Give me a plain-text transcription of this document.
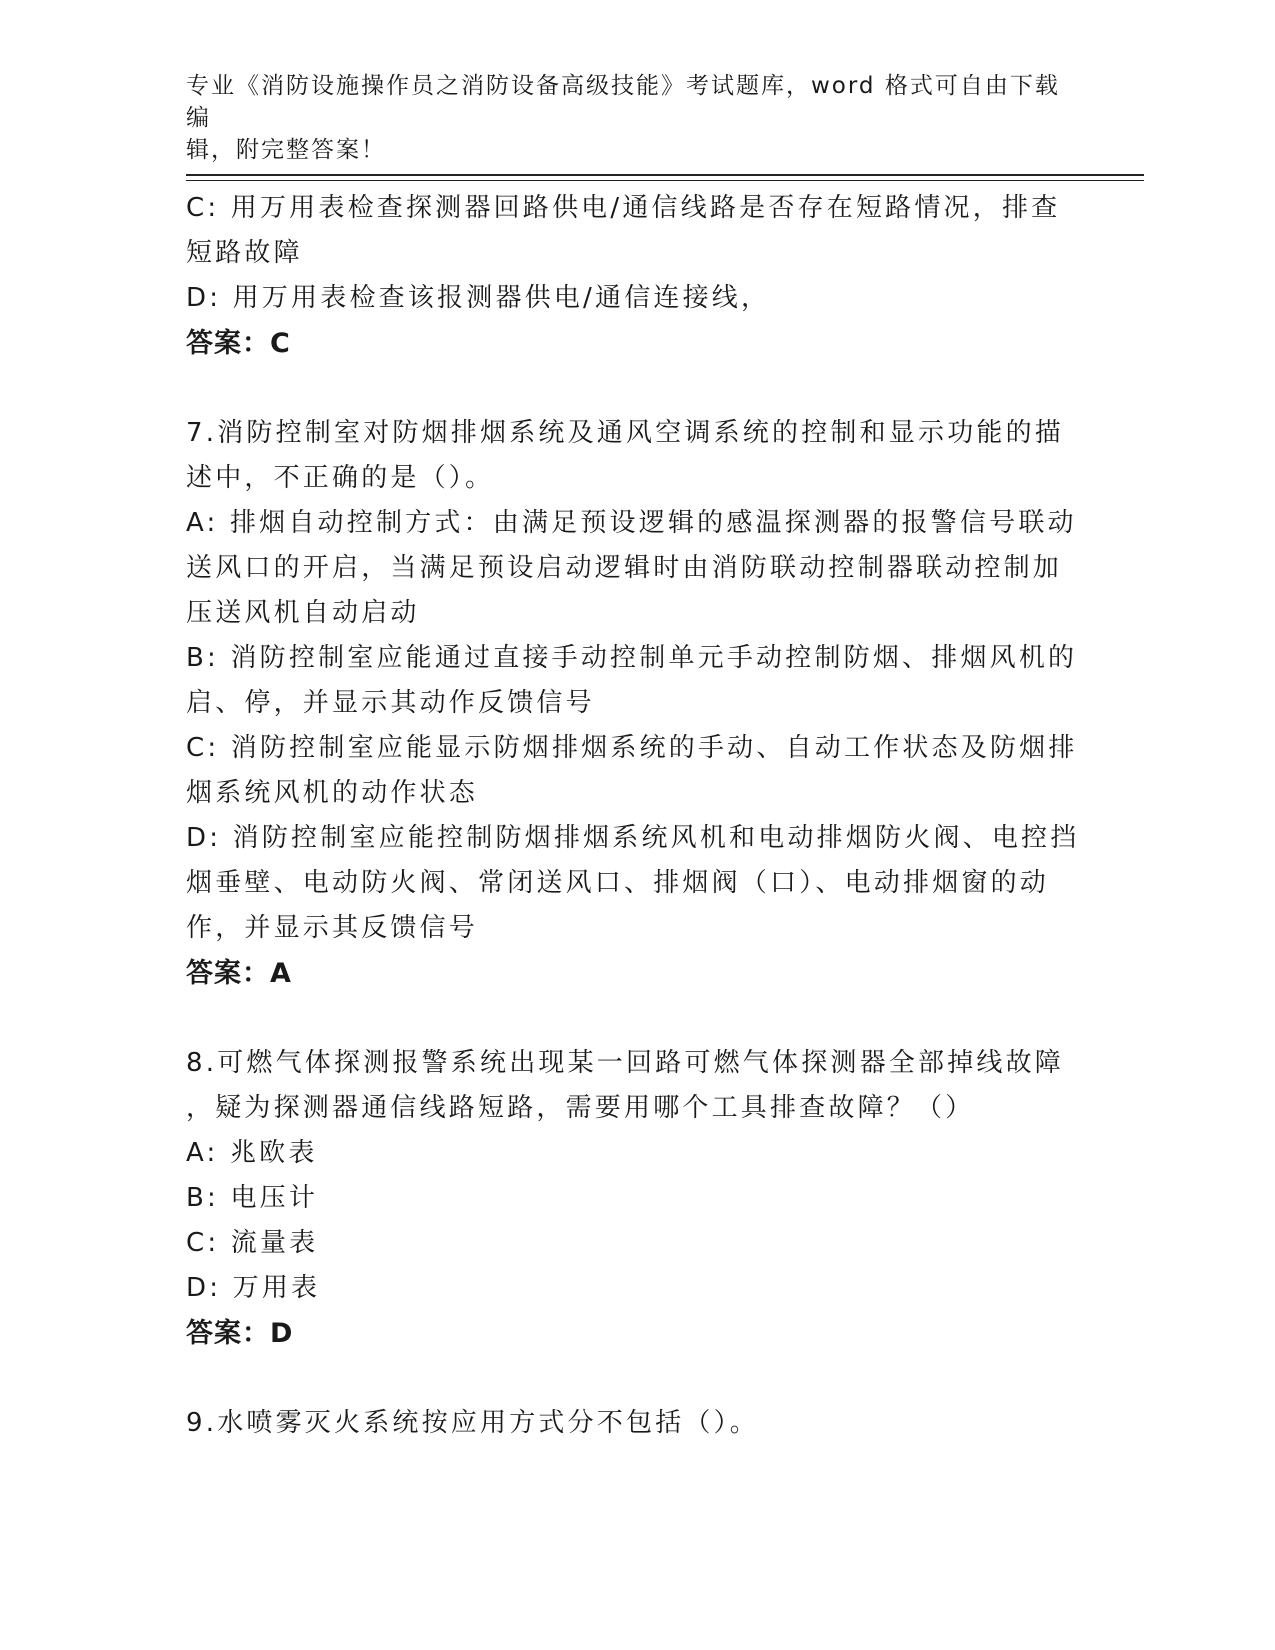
专业《消防设施操作员之消防设备高级技能》考试题库，word 格式可自由下载编
辑，附完整答案！
C: 用万用表检查探测器回路供电/通信线路是否存在短路情况，排查
短路故障
D: 用万用表检查该报测器供电/通信连接线，
答案：C
7.消防控制室对防烟排烟系统及通风空调系统的控制和显示功能的描
述中，不正确的是（）。
A: 排烟自动控制方式：由满足预设逻辑的感温探测器的报警信号联动
送风口的开启，当满足预设启动逻辑时由消防联动控制器联动控制加
压送风机自动启动
B: 消防控制室应能通过直接手动控制单元手动控制防烟、排烟风机的
启、停，并显示其动作反馈信号
C: 消防控制室应能显示防烟排烟系统的手动、自动工作状态及防烟排
烟系统风机的动作状态
D: 消防控制室应能控制防烟排烟系统风机和电动排烟防火阀、电控挡
烟垂壁、电动防火阀、常闭送风口、排烟阀（口）、电动排烟窗的动
作，并显示其反馈信号
答案：A
8.可燃气体探测报警系统出现某一回路可燃气体探测器全部掉线故障
，疑为探测器通信线路短路，需要用哪个工具排查故障？（）
A: 兆欧表
B: 电压计
C: 流量表
D: 万用表
答案：D
9.水喷雾灭火系统按应用方式分不包括（）。
